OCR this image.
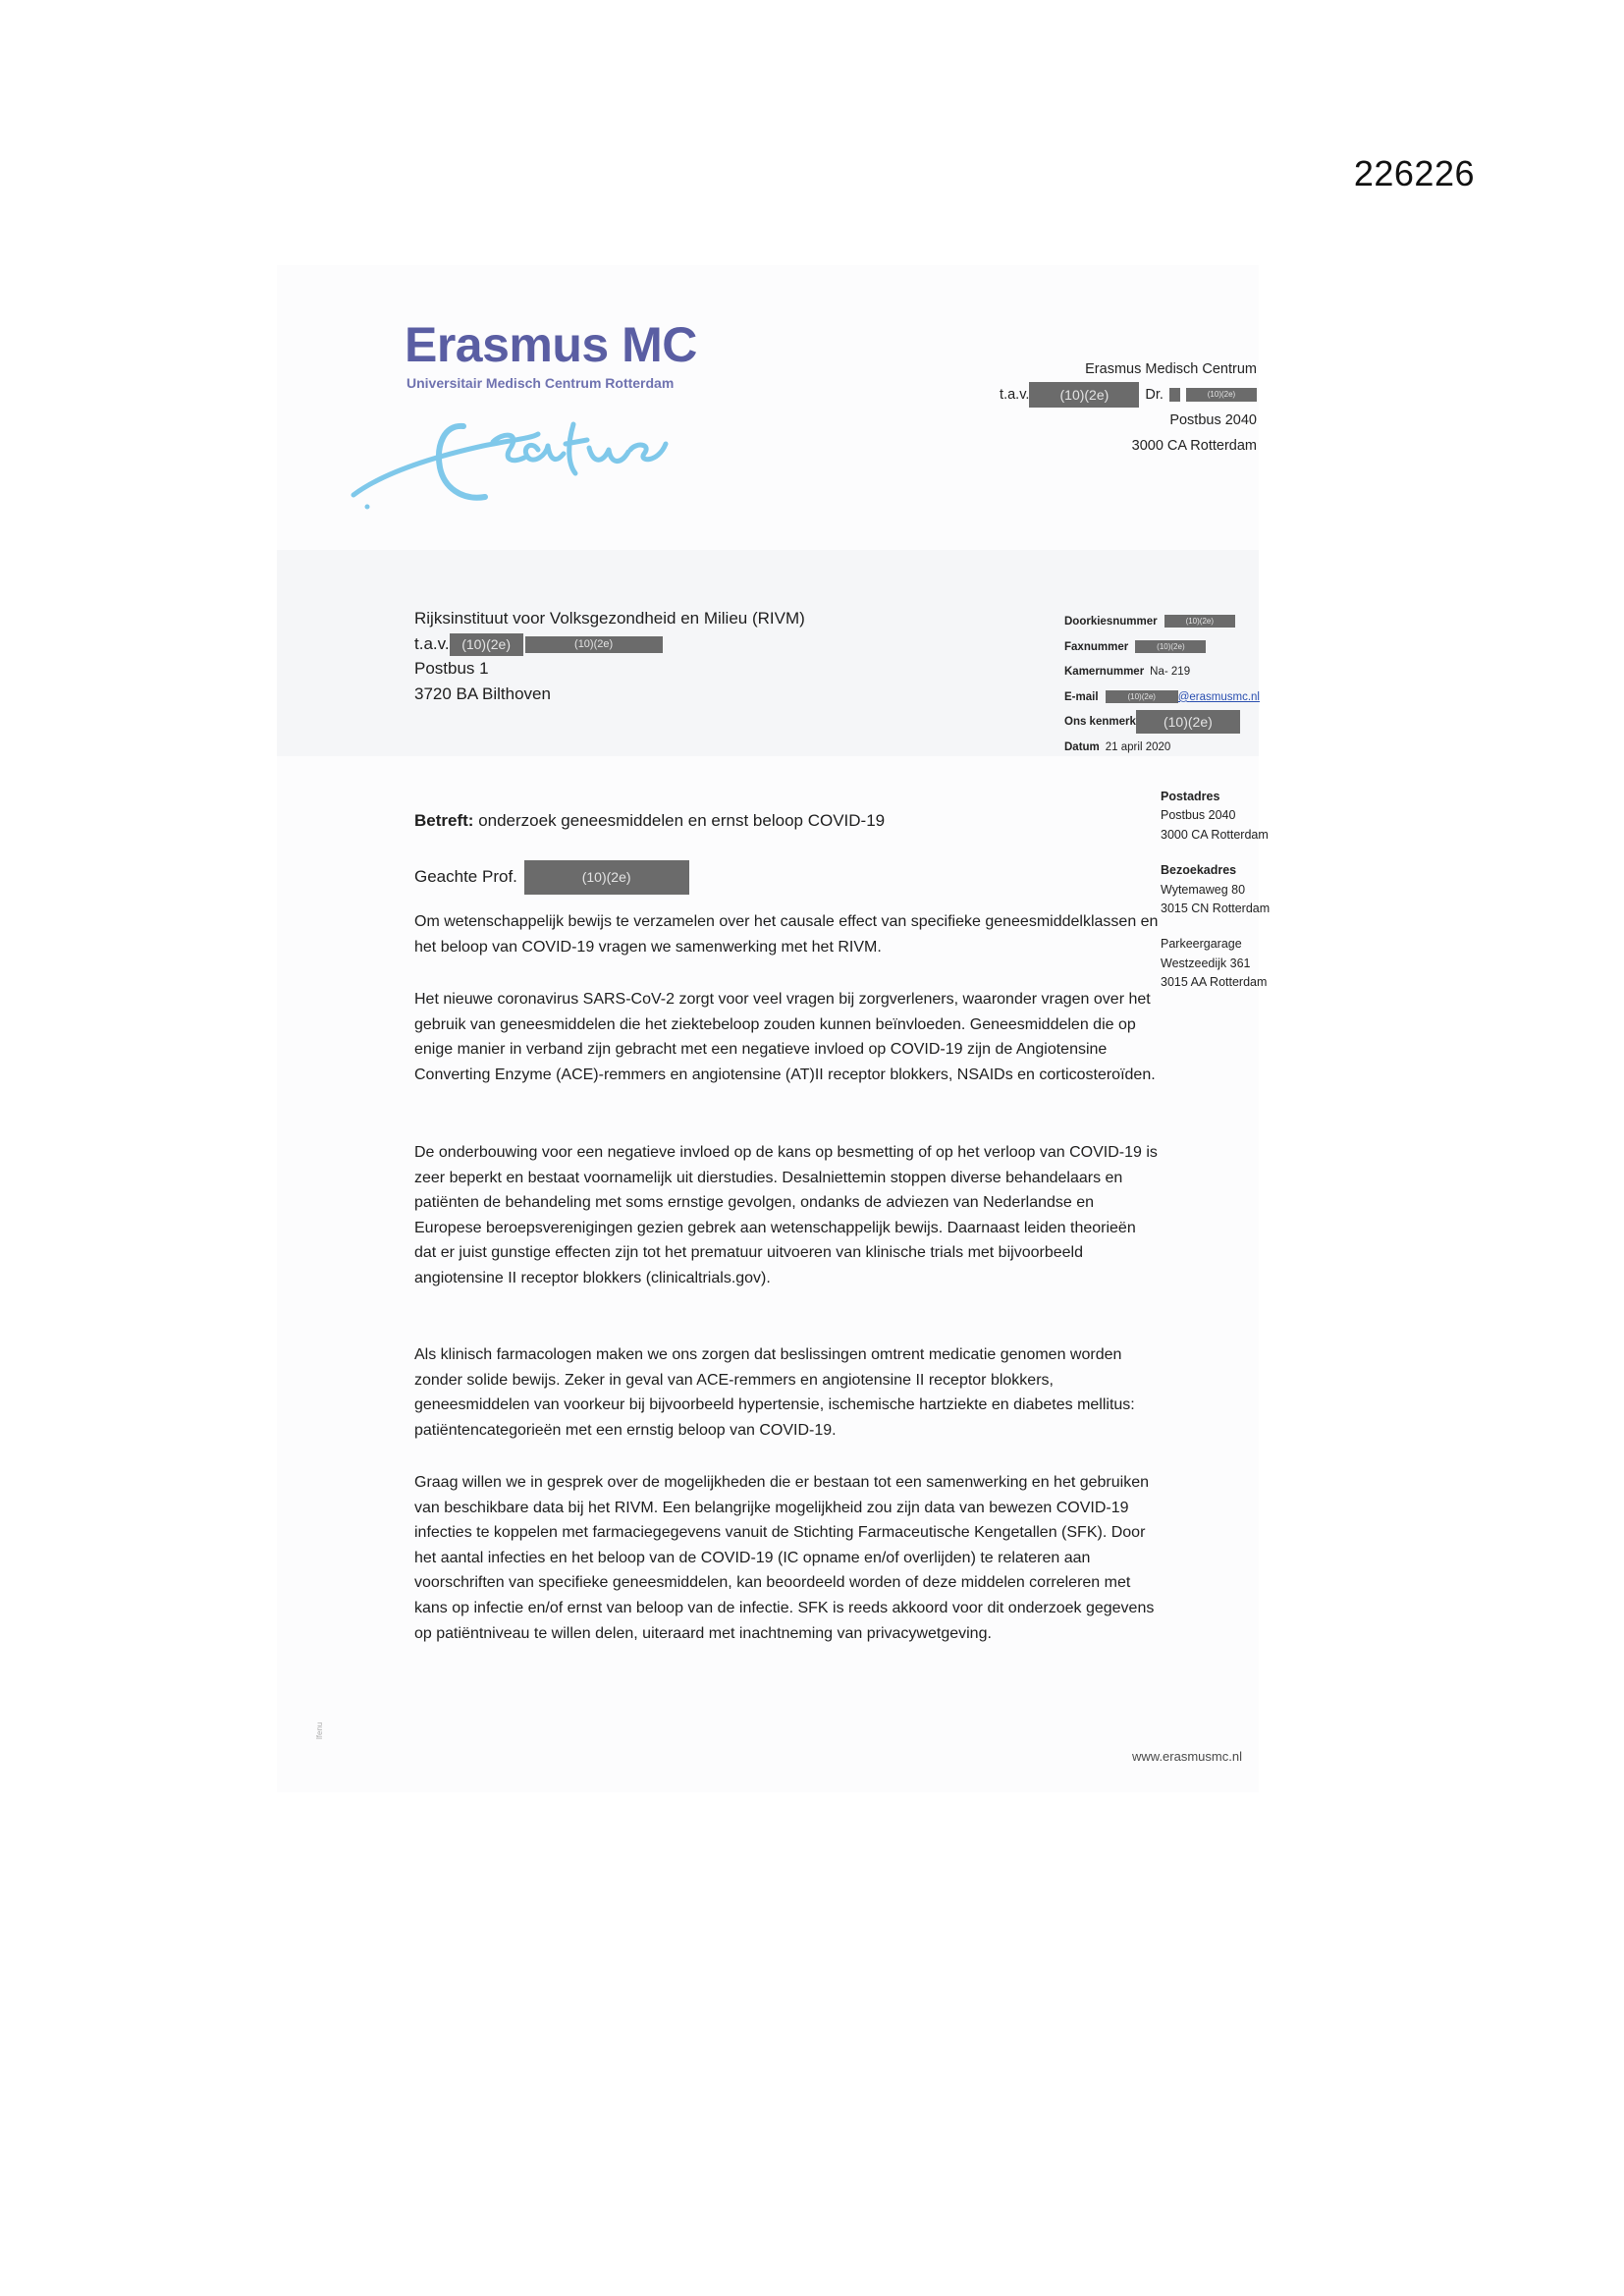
226226
Erasmus MC
Universitair Medisch Centrum Rotterdam
Erasmus Medisch Centrum
t.a.v. (10)(2e)	Dr.	(10)(2e)
Postbus 2040
3000 CA Rotterdam
Rijksinstituut voor Volksgezondheid en Milieu (RIVM)
t.a.v. (10)(2e)	(10)(2e)
Postbus 1
3720 BA Bilthoven
Doorkiesnummer	(10)(2e)
Faxnummer	(10)(2e)
Kamernummer Na- 219
E-mail	(10)(2e) @erasmusmc.nl
Ons kenmerk (10)(2e)
Datum 21 april 2020
Postadres
Postbus 2040
3000 CA Rotterdam
Bezoekadres
Wytemaweg 80
3015 CN Rotterdam
Parkeergarage
Westzeedijk 361
3015 AA Rotterdam
Betreft: onderzoek geneesmiddelen en ernst beloop COVID-19
Geachte Prof.	(10)(2e)
Om wetenschappelijk bewijs te verzamelen over het causale effect van specifieke geneesmiddelklassen en het beloop van COVID-19 vragen we samenwerking met het RIVM.
Het nieuwe coronavirus SARS-CoV-2 zorgt voor veel vragen bij zorgverleners, waaronder vragen over het gebruik van geneesmiddelen die het ziektebeloop zouden kunnen beïnvloeden. Geneesmiddelen die op enige manier in verband zijn gebracht met een negatieve invloed op COVID-19 zijn de Angiotensine Converting Enzyme (ACE)-remmers en angiotensine (AT)II receptor blokkers, NSAIDs en corticosteroïden.
De onderbouwing voor een negatieve invloed op de kans op besmetting of op het verloop van COVID-19 is zeer beperkt en bestaat voornamelijk uit dierstudies. Desalniettemin stoppen diverse behandelaars en patiënten de behandeling met soms ernstige gevolgen, ondanks de adviezen van Nederlandse en Europese beroepsverenigingen gezien gebrek aan wetenschappelijk bewijs. Daarnaast leiden theorieën dat er juist gunstige effecten zijn tot het prematuur uitvoeren van klinische trials met bijvoorbeeld angiotensine II receptor blokkers (clinicaltrials.gov).
Als klinisch farmacologen maken we ons zorgen dat beslissingen omtrent medicatie genomen worden zonder solide bewijs. Zeker in geval van ACE-remmers en angiotensine II receptor blokkers, geneesmiddelen van voorkeur bij bijvoorbeeld hypertensie, ischemische hartziekte en diabetes mellitus: patiëntencategorieën met een ernstig beloop van COVID-19.
Graag willen we in gesprek over de mogelijkheden die er bestaan tot een samenwerking en het gebruiken van beschikbare data bij het RIVM. Een belangrijke mogelijkheid zou zijn data van bewezen COVID-19 infecties te koppelen met farmaciegegevens vanuit de Stichting Farmaceutische Kengetallen (SFK). Door het aantal infecties en het beloop van de COVID-19 (IC opname en/of overlijden) te relateren aan voorschriften van specifieke geneesmiddelen, kan beoordeeld worden of deze middelen correleren met kans op infectie en/of ernst van beloop van de infectie. SFK is reeds akkoord voor dit onderzoek gegevens op patiëntniveau te willen delen, uiteraard met inachtneming van privacywetgeving.
lfenu
www.erasmusmc.nl
